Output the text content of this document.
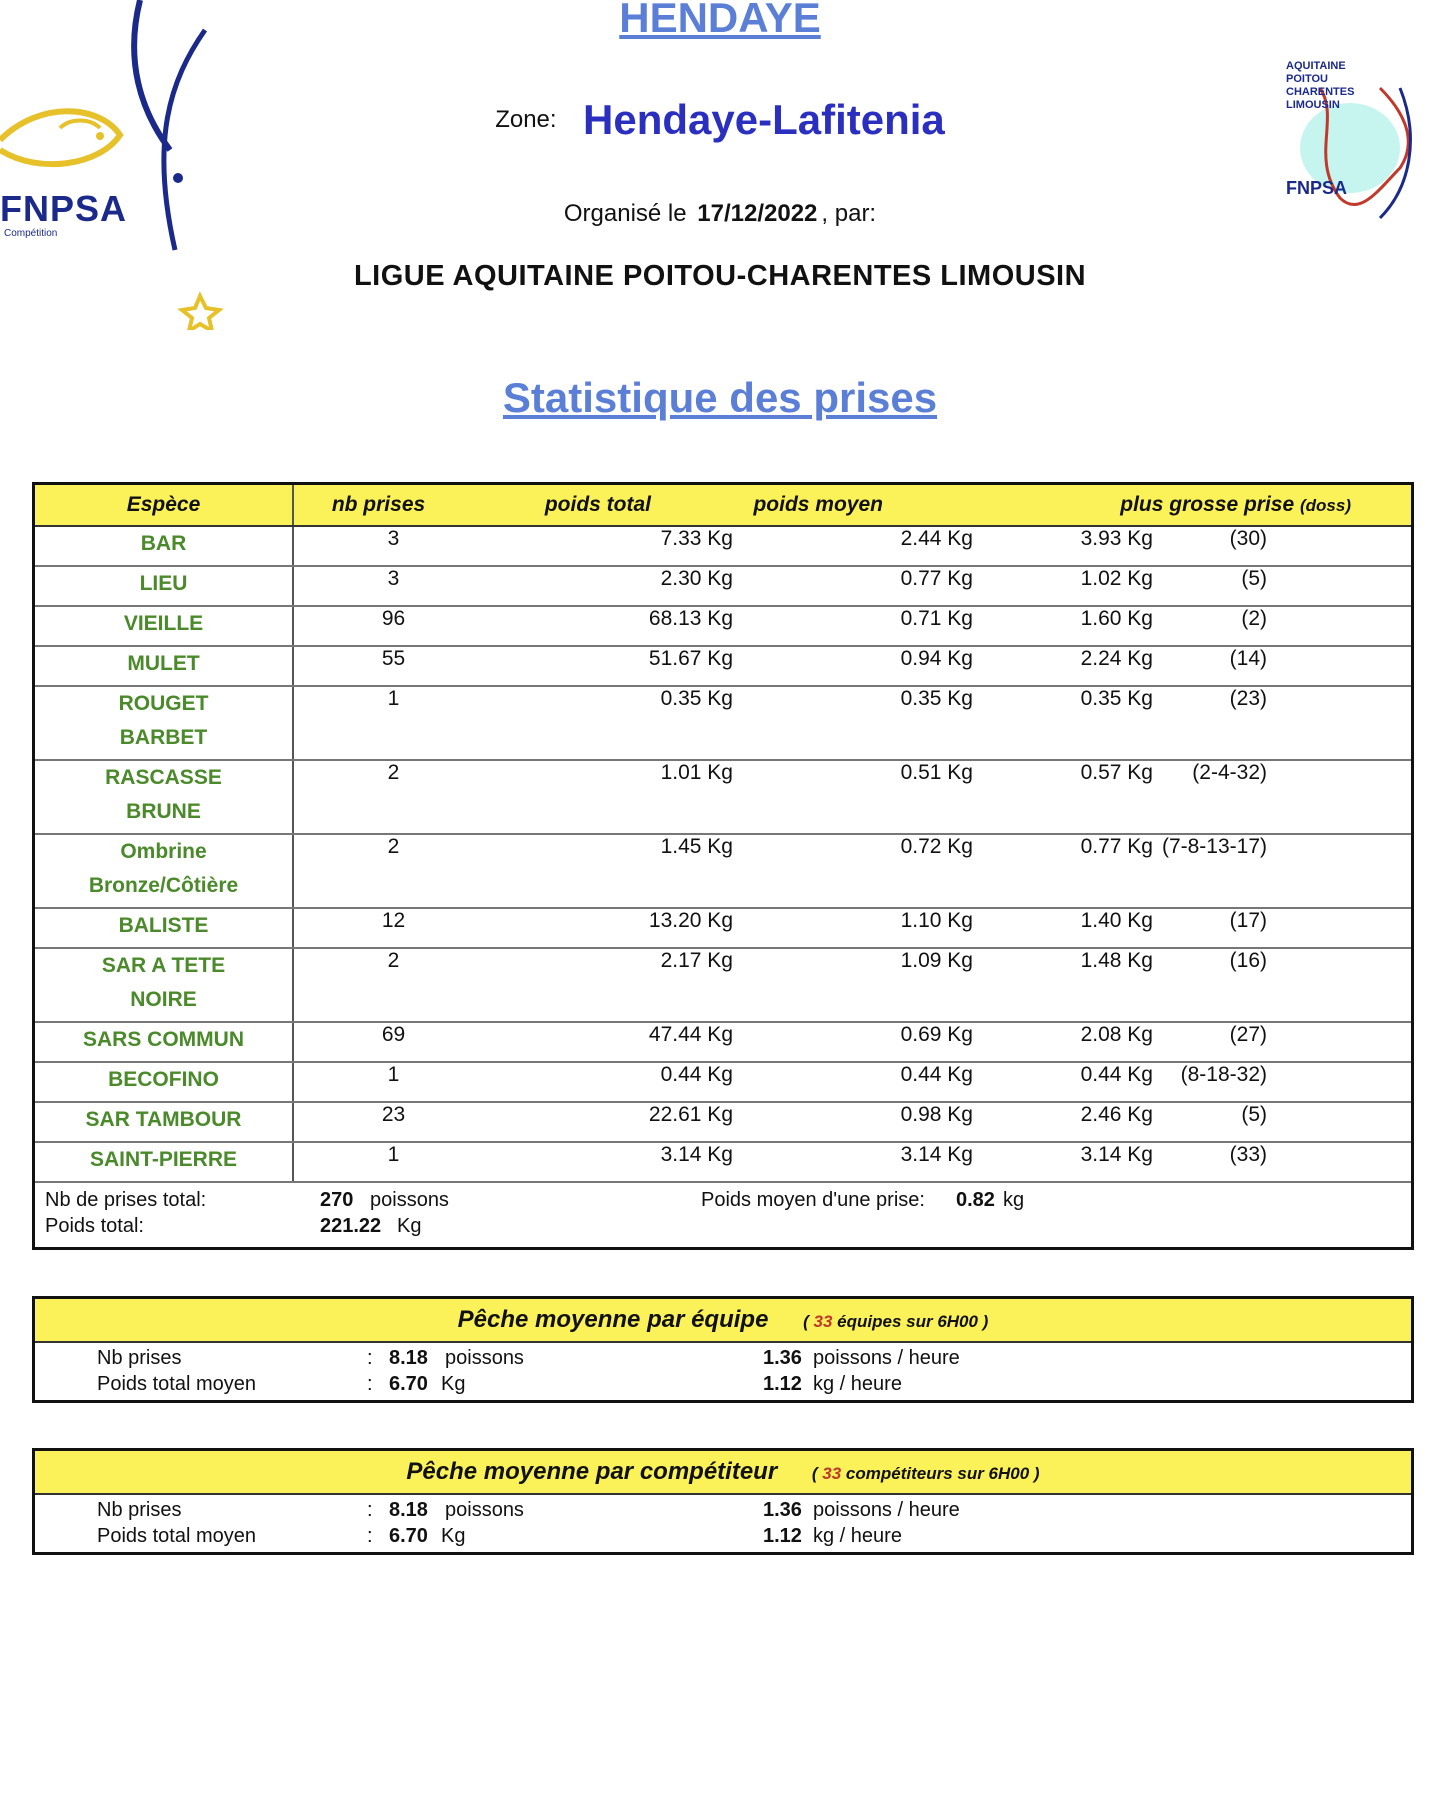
FNPSA
Compétition
AQUITAINE
POITOU
CHARENTES
LIMOUSIN
FNPSA
HENDAYE
Zone: Hendaye-Lafitenia
Organisé le 17/12/2022 , par:
LIGUE AQUITAINE POITOU-CHARENTES LIMOUSIN
Statistique des prises
Espèce	nb prises	poids total	poids moyen	plus grosse prise (doss)

BAR	3	7.33 Kg	2.44 Kg	3.93 Kg (30)

LIEU	3	2.30 Kg	0.77 Kg	1.02 Kg (5)

VIEILLE	96	68.13 Kg	0.71 Kg	1.60 Kg (2)

MULET	55	51.67 Kg	0.94 Kg	2.24 Kg (14)

ROUGET
BARBET	1	0.35 Kg	0.35 Kg	0.35 Kg (23)

RASCASSE
BRUNE	2	1.01 Kg	0.51 Kg	0.57 Kg (2-4-32)

Ombrine
Bronze/Côtière	2	1.45 Kg	0.72 Kg	0.77 Kg (7-8-13-17)

BALISTE	12	13.20 Kg	1.10 Kg	1.40 Kg (17)

SAR A TETE
NOIRE	2	2.17 Kg	1.09 Kg	1.48 Kg (16)

SARS COMMUN	69	47.44 Kg	0.69 Kg	2.08 Kg (27)

BECOFINO	1	0.44 Kg	0.44 Kg	0.44 Kg (8-18-32)

SAR TAMBOUR	23	22.61 Kg	0.98 Kg	2.46 Kg (5)

SAINT-PIERRE	1	3.14 Kg	3.14 Kg	3.14 Kg (33)
Nb de prises total:	270 poissons
Poids total:	221.22 Kg
Poids moyen d'une prise: 0.82 kg
Pêche moyenne par équipe ( 33 équipes sur 6H00 )
Nb prises	: 8.18 poissons	1.36 poissons / heure
Poids total moyen	: 6.70 Kg	1.12 kg / heure
Pêche moyenne par compétiteur ( 33 compétiteurs sur 6H00 )
Nb prises	: 8.18 poissons	1.36 poissons / heure
Poids total moyen	: 6.70 Kg	1.12 kg / heure
